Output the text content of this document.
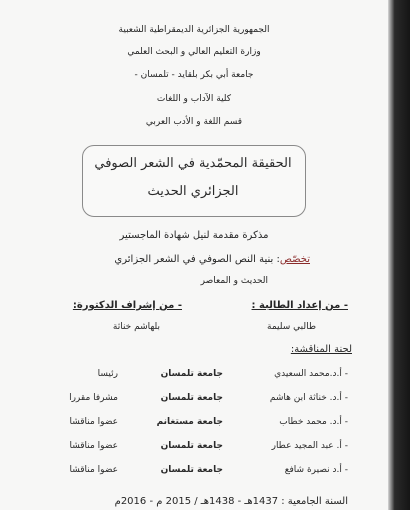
الجمهورية الجزائرية الديمقراطية الشعبية
وزارة التعليم العالي و البحث العلمي
جامعة أبي بكر بلقايد - تلمسان -
كلية الآداب و اللغات
قسم اللغة و الأدب العربي
الحقيقة المحمّدية في الشعر الصوفي
الجزائري الحديث
مذكرة مقدمة لنيل شهادة الماجستير
تخصّص: بنية النص الصوفي في الشعر الجزائري
الحديث و المعاصر
- من إعداد الطالبة :
- من إشراف الدكتورة:
طالبي سليمة
بلهاشم خناثة
لجنة المناقشة:
- أ.د.محمد السعيدي
جامعة تلمسان
رئيسا
- أ.د. خناثة ابن هاشم
جامعة تلمسان
مشرفا مقررا
- أ.د. محمد خطاب
جامعة مستغانم
عضوا مناقشا
- أ. عبد المجيد عطار
جامعة تلمسان
عضوا مناقشا
- أ.د نصيرة شافع
جامعة تلمسان
عضوا مناقشا
السنة الجامعية : 1437هـ - 1438هـ / 2015 م - 2016م
